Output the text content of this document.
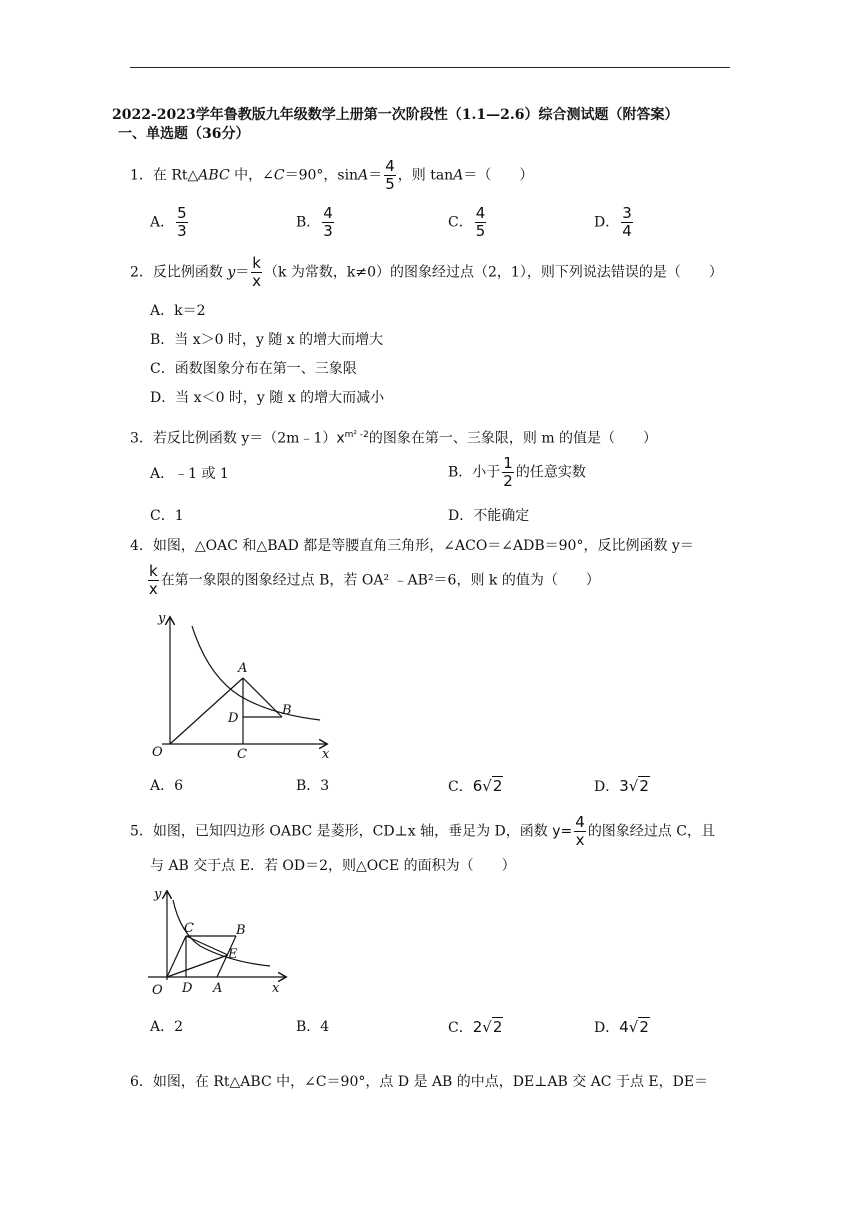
2022-2023学年鲁教版九年级数学上册第一次阶段性（1.1—2.6）综合测试题（附答案）
一、单选题（36分）
1．在 Rt△ABC 中，∠C＝90°，$\sin A= \frac{4}{5}$ ，则 tanA＝（　　）
A． $\frac{5}{3}$	B． $\frac{4}{3}$	C． $\frac{4}{5}$	D． $\frac{3}{4}$
2．反比例函数 $y= \frac{k}{x} (k$ 为常数，k≠0）的图象经过点（2，1），则下列说法错误的是（　　）
A．k＝2
B．当 x＞0 时，y 随 x 的增大而增大
C．函数图象分布在第一、三象限
D．当 x＜0 时，y 随 x 的增大而减小
3．若反比例函数 $y=(2m﹣1)x^{m^2 -2}$的图象在第一、三象限，则 m 的值是（　　）
A．﹣1 或 1	B．小于 $\frac{1}{2}$ 的任意实数
C．1	D．不能确定
4．如图，△OAC 和△BAD 都是等腰直角三角形，∠ACO＝∠ADB＝90°，反比例函数 y＝
$\frac{k}{x}$ 在第一象限的图象经过点 B，若 OA² ﹣AB²＝6，则 k 的值为（　　）
y
x
O
A
B
C
D
A．6	B．3	C．6√2	D．3√2
5．如图，已知四边形 OABC 是菱形，CD⊥x 轴，垂足为 D，函数 $y= \frac{4}{x}$ 的图象经过点 C，且
与 AB 交于点 E．若 OD＝2，则△OCE 的面积为（　　）
y
x
O
C	B
E
D A
A．2	B．4	C．2√2	D．4√2
6．如图，在 Rt△ABC 中，∠C＝90°，点 D 是 AB 的中点，DE⊥AB 交 AC 于点 E，DE＝
